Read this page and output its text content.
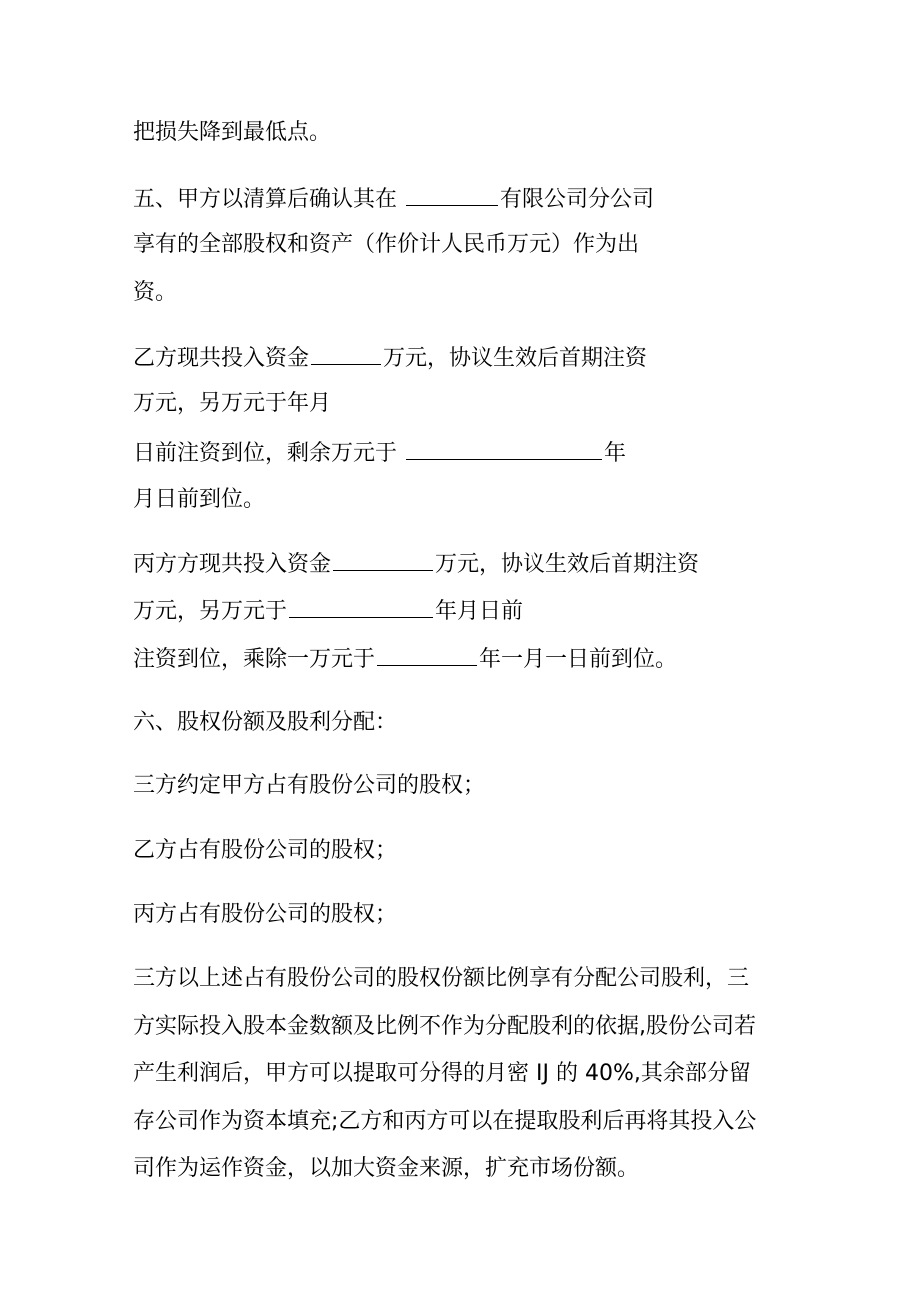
把损失降到最低点。
五、甲方以清算后确认其在	有限公司分公司
享有的全部股权和资产（作价计人民币万元）作为出
资。
乙方现共投入资金	万元，协议生效后首期注资
万元，另万元于年月
日前注资到位，剩余万元于	年
月日前到位。
丙方方现共投入资金	万元，协议生效后首期注资
万元，另万元于	年月日前
注资到位，乘除一万元于	年一月一日前到位。
六、股权份额及股利分配：
三方约定甲方占有股份公司的股权；
乙方占有股份公司的股权；
丙方占有股份公司的股权；
三方以上述占有股份公司的股权份额比例享有分配公司股利，三
方实际投入股本金数额及比例不作为分配股利的依据,股份公司若
产生利润后，甲方可以提取可分得的月密 IJ 的 40%,其余部分留
存公司作为资本填充;乙方和丙方可以在提取股利后再将其投入公
司作为运作资金，以加大资金来源，扩充市场份额。
